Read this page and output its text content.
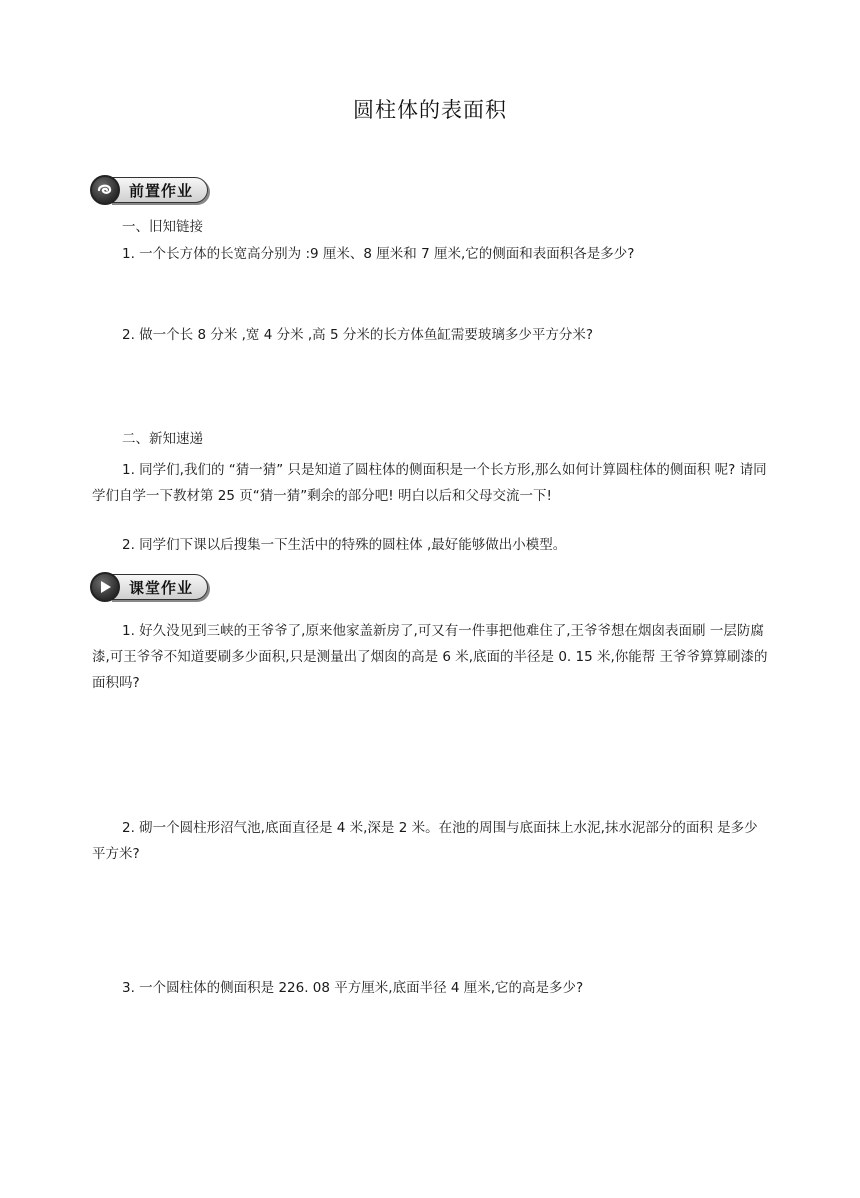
圆柱体的表面积
前置作业
一、旧知链接
1. 一个长方体的长宽高分别为 :9 厘米、8 厘米和 7 厘米,它的侧面和表面积各是多少?
2. 做一个长 8 分米 ,宽 4 分米 ,高 5 分米的长方体鱼缸需要玻璃多少平方分米?
二、新知速递
1. 同学们,我们的 “猜一猜” 只是知道了圆柱体的侧面积是一个长方形,那么如何计算圆柱体的侧面积 呢? 请同学们自学一下教材第 25 页“猜一猜”剩余的部分吧! 明白以后和父母交流一下!
2. 同学们下课以后搜集一下生活中的特殊的圆柱体 ,最好能够做出小模型。
课堂作业
1. 好久没见到三峡的王爷爷了,原来他家盖新房了,可又有一件事把他难住了,王爷爷想在烟囱表面刷 一层防腐漆,可王爷爷不知道要刷多少面积,只是测量出了烟囱的高是 6 米,底面的半径是 0. 15 米,你能帮 王爷爷算算刷漆的面积吗?
2. 砌一个圆柱形沼气池,底面直径是 4 米,深是 2 米。在池的周围与底面抹上水泥,抹水泥部分的面积 是多少平方米?
3. 一个圆柱体的侧面积是 226. 08 平方厘米,底面半径 4 厘米,它的高是多少?
